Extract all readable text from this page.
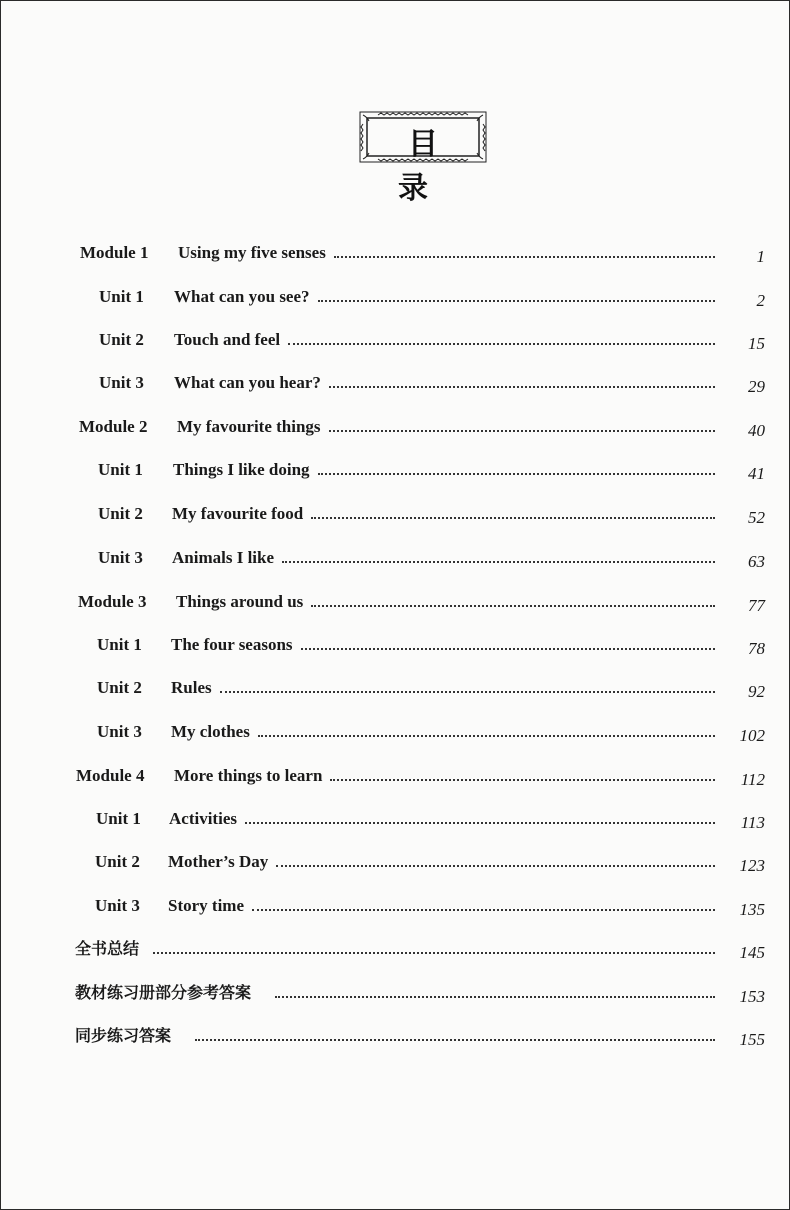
目 录
Module 1	Using my five senses	1
Unit 1	What can you see?	2
Unit 2	Touch and feel	15
Unit 3	What can you hear?	29
Module 2	My favourite things	40
Unit 1	Things I like doing	41
Unit 2	My favourite food	52
Unit 3	Animals I like	63
Module 3	Things around us	77
Unit 1	The four seasons	78
Unit 2	Rules	92
Unit 3	My clothes	102
Module 4	More things to learn	112
Unit 1	Activities	113
Unit 2	Mother’s Day	123
Unit 3	Story time	135
全书总结	145
教材练习册部分参考答案	153
同步练习答案	155
